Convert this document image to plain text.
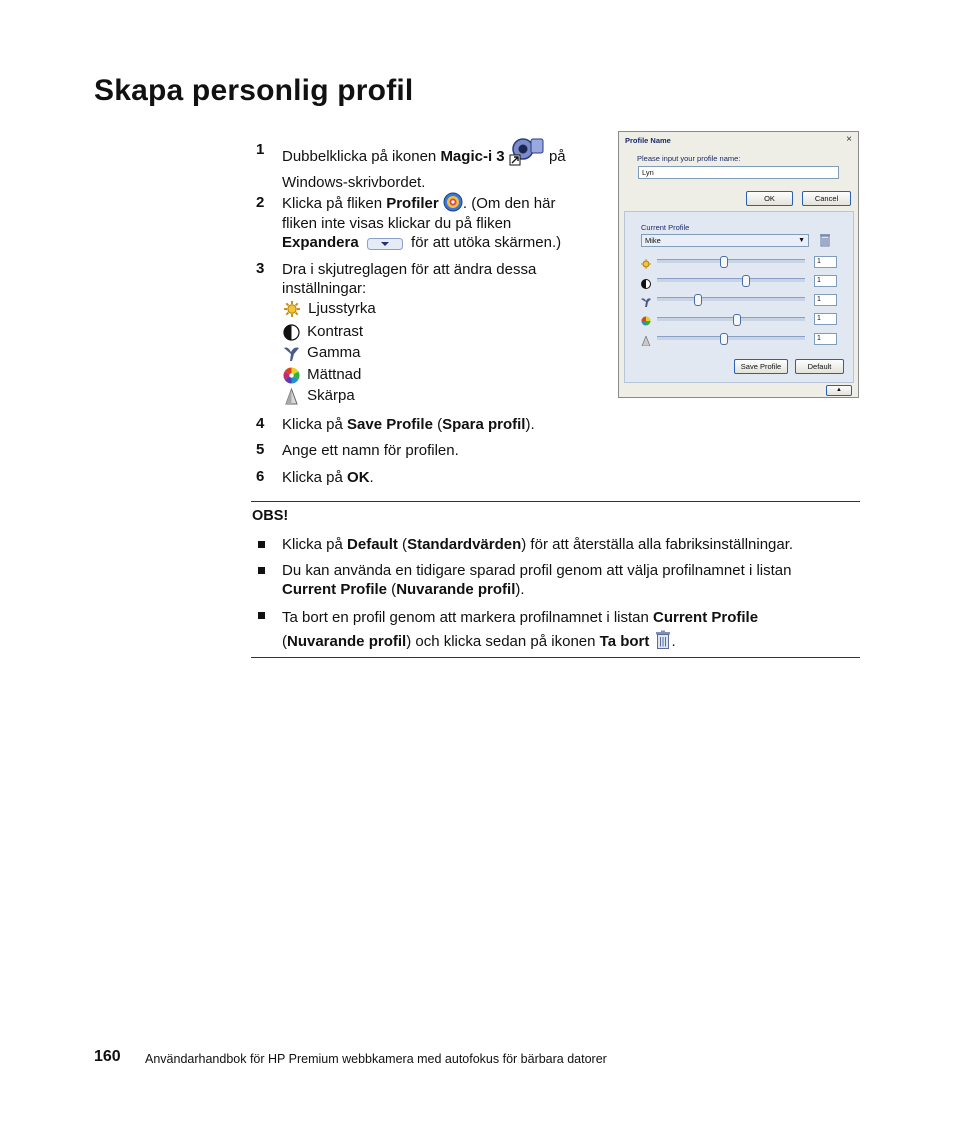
Skapa personlig profil
1 Dubbelklicka på ikonen Magic-i 3	på
Windows-skrivbordet.
2 Klicka på fliken Profiler . (Om den här
fliken inte visas klickar du på fliken
Expandera	för att utöka skärmen.)
3 Dra i skjutreglagen för att ändra dessa
inställningar:
Ljusstyrka
Kontrast
Gamma
Mättnad
Skärpa
4 Klicka på Save Profile (Spara profil).
5 Ange ett namn för profilen.
6 Klicka på OK.
Profile Name	×
Please input your profile name:
Lyn
OK	Cancel
Current Profile
Mike	▼
Save Profile	Default
▲
1
1
1
1
1
OBS!
Klicka på Default (Standardvärden) för att återställa alla fabriksinställningar.
Du kan använda en tidigare sparad profil genom att välja profilnamnet i listan
Current Profile (Nuvarande profil).
Ta bort en profil genom att markera profilnamnet i listan Current Profile
(Nuvarande profil) och klicka sedan på ikonen Ta bort .
160 Användarhandbok för HP Premium webbkamera med autofokus för bärbara datorer
